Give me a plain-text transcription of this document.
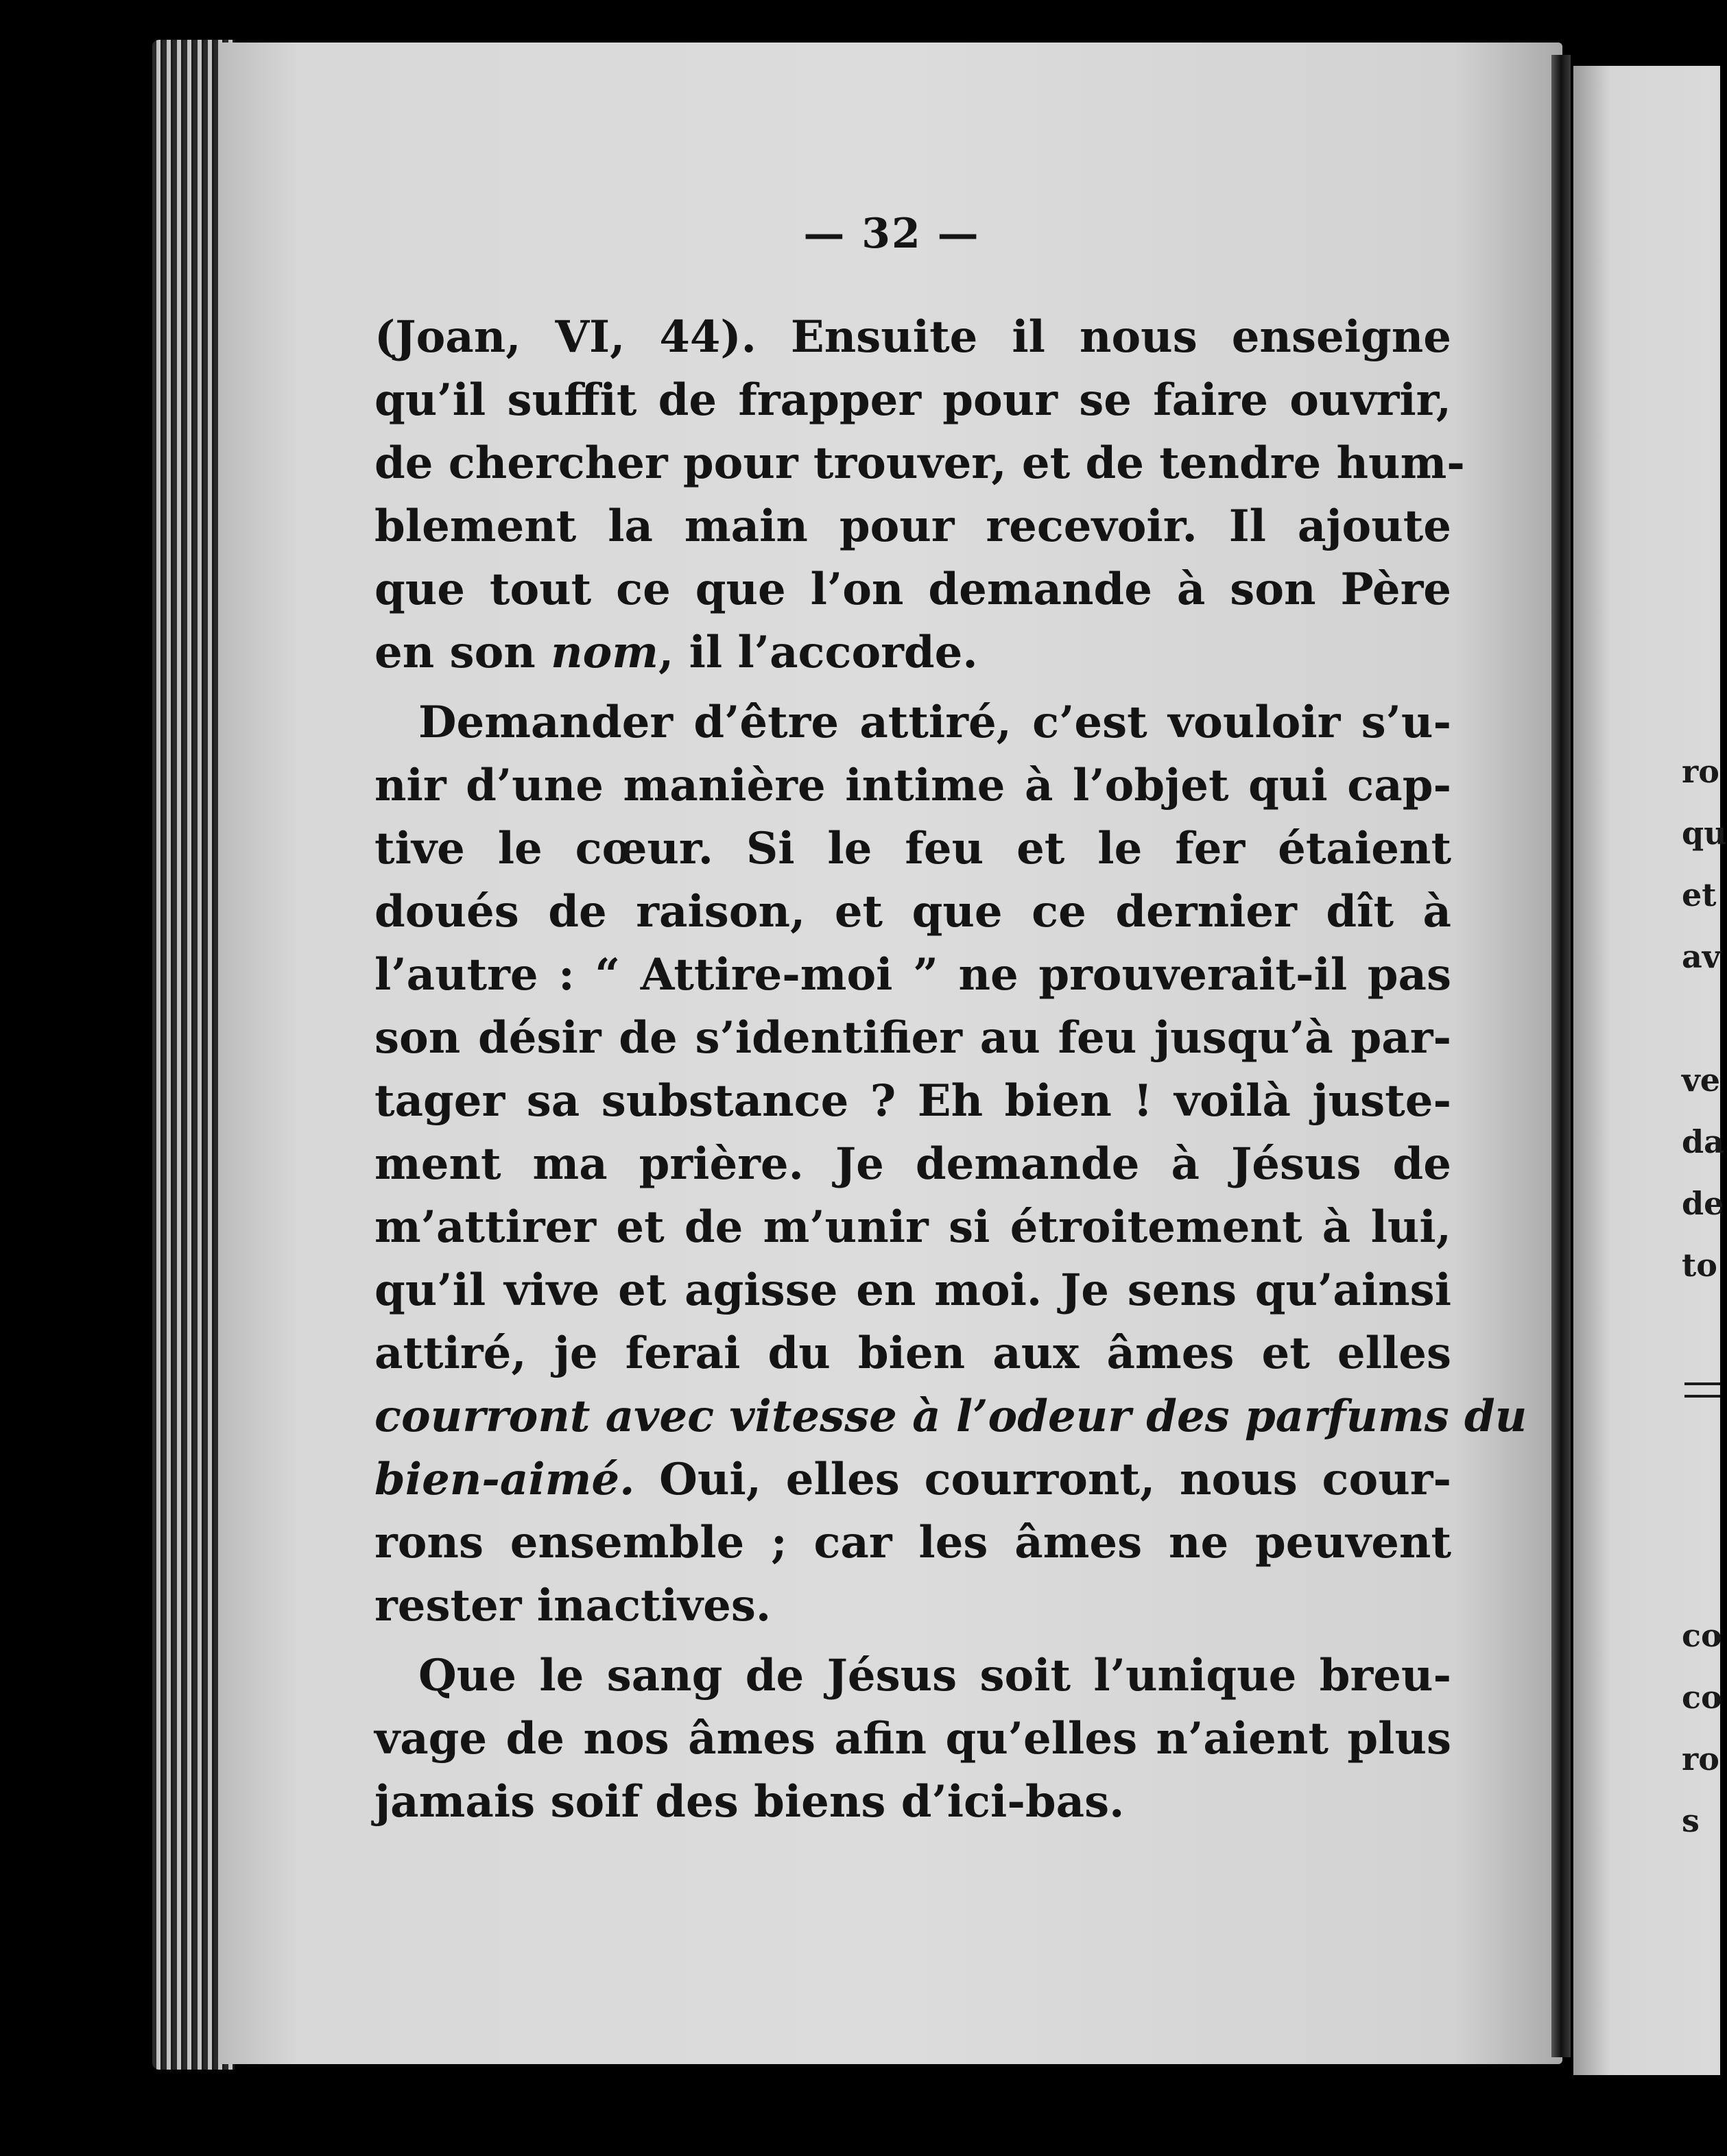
ro
qu
et
av
ve
da
de
to
co
co
ro
s
— 32 —

(Joan, VI, 44). Ensuite il nous enseigne
qu’il suffit de frapper pour se faire ouvrir,
de chercher pour trouver, et de tendre hum-
blement la main pour recevoir. Il ajoute
que tout ce que l’on demande à son Père
en son nom, il l’accorde.

Demander d’être attiré, c’est vouloir s’u-
nir d’une manière intime à l’objet qui cap-
tive le cœur. Si le feu et le fer étaient
doués de raison, et que ce dernier dît à
l’autre : “ Attire-moi ” ne prouverait-il pas
son désir de s’identifier au feu jusqu’à par-
tager sa substance ? Eh bien ! voilà juste-
ment ma prière. Je demande à Jésus de
m’attirer et de m’unir si étroitement à lui,
qu’il vive et agisse en moi. Je sens qu’ainsi
attiré, je ferai du bien aux âmes et elles
courront avec vitesse à l’odeur des parfums du
bien-aimé. Oui, elles courront, nous cour-
rons ensemble ; car les âmes ne peuvent
rester inactives.

Que le sang de Jésus soit l’unique breu-
vage de nos âmes afin qu’elles n’aient plus
jamais soif des biens d’ici-bas.
